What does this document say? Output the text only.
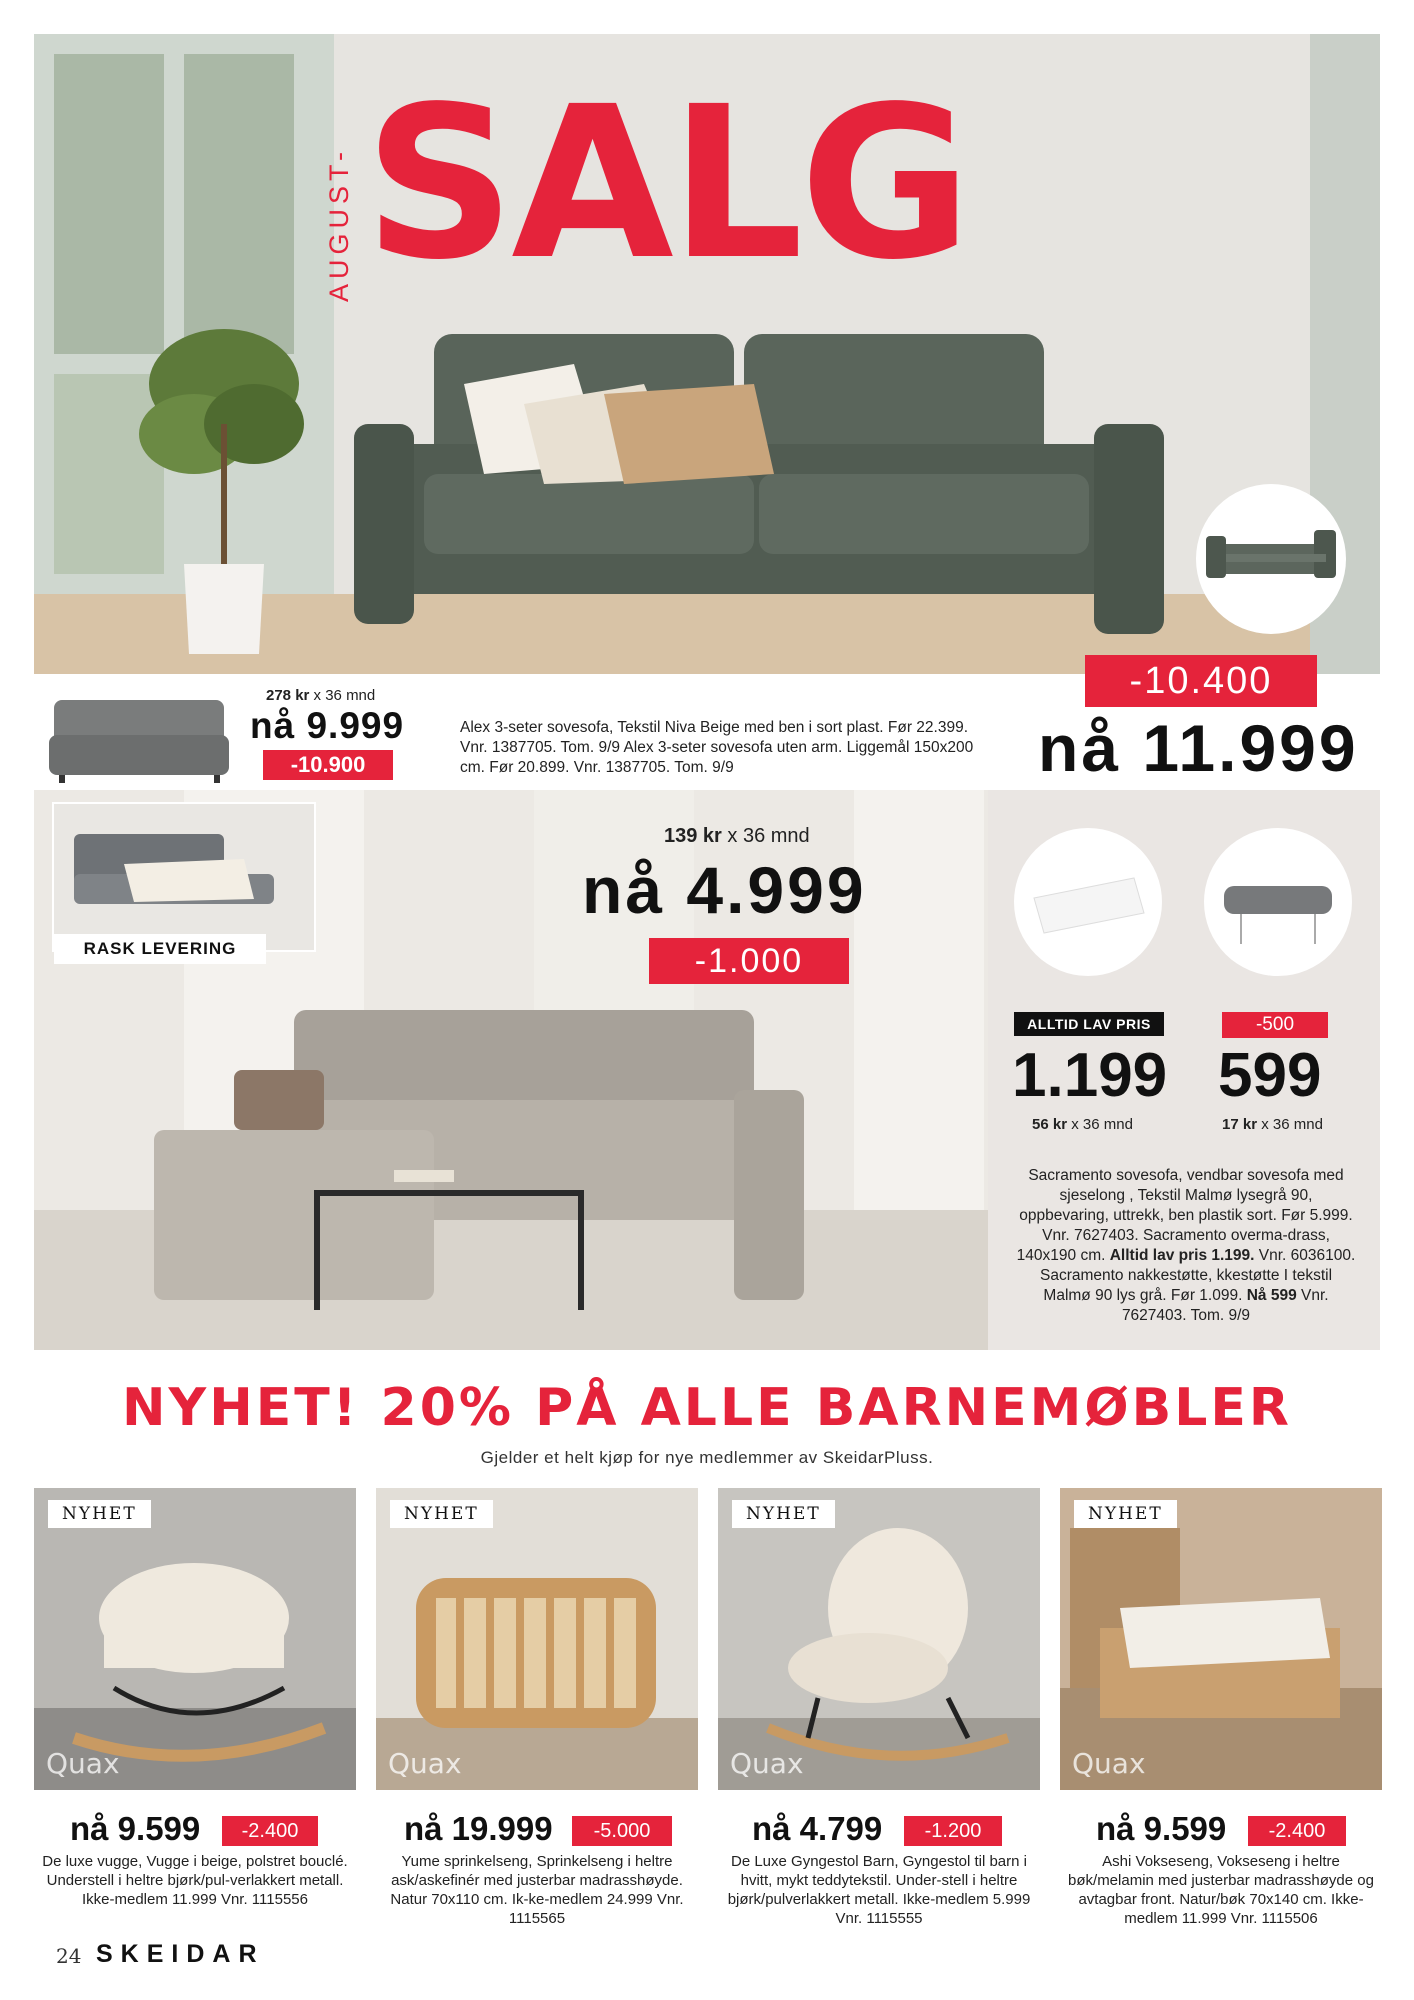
AUGUST- SALG
278 kr x 36 mnd
nå 9.999
-10.900
Alex 3-seter sovesofa, Tekstil Niva Beige med ben i sort plast. Før 22.399. Vnr. 1387705. Tom. 9/9 Alex 3-seter sovesofa uten arm. Liggemål 150x200 cm. Før 20.899. Vnr. 1387705. Tom. 9/9
-10.400
nå 11.999
RASK LEVERING
139 kr x 36 mnd
nå 4.999
-1.000
ALLTID LAV PRIS
1.199
56 kr x 36 mnd
-500
599
17 kr x 36 mnd
Sacramento sovesofa, vendbar sovesofa med sjeselong , Tekstil Malmø lysegrå 90, oppbevaring, uttrekk, ben plastik sort. Før 5.999. Vnr. 7627403. Sacramento overma-drass, 140x190 cm. Alltid lav pris 1.199. Vnr. 6036100. Sacramento nakkestøtte, kkestøtte I tekstil Malmø 90 lys grå. Før 1.099. Nå 599 Vnr. 7627403. Tom. 9/9
NYHET! 20% PÅ ALLE BARNEMØBLER
Gjelder et helt kjøp for nye medlemmer av SkeidarPluss.
NYHET
Quax
NYHET
Quax
NYHET
Quax
NYHET
Quax
nå 9.599	-2.400
De luxe vugge, Vugge i beige, polstret bouclé. Understell i heltre bjørk/pul-verlakkert metall. Ikke-medlem 11.999 Vnr. 1115556
nå 19.999	-5.000
Yume sprinkelseng, Sprinkelseng i heltre ask/askefinér med justerbar madrasshøyde. Natur 70x110 cm. Ik-ke-medlem 24.999 Vnr. 1115565
nå 4.799	-1.200
De Luxe Gyngestol Barn, Gyngestol til barn i hvitt, mykt teddytekstil. Under-stell i heltre bjørk/pulverlakkert metall. Ikke-medlem 5.999 Vnr. 1115555
nå 9.599	-2.400
Ashi Vokseseng, Vokseseng i heltre bøk/melamin med justerbar madrasshøyde og avtagbar front. Natur/bøk 70x140 cm. Ikke-medlem 11.999 Vnr. 1115506
24 SKEIDAR
